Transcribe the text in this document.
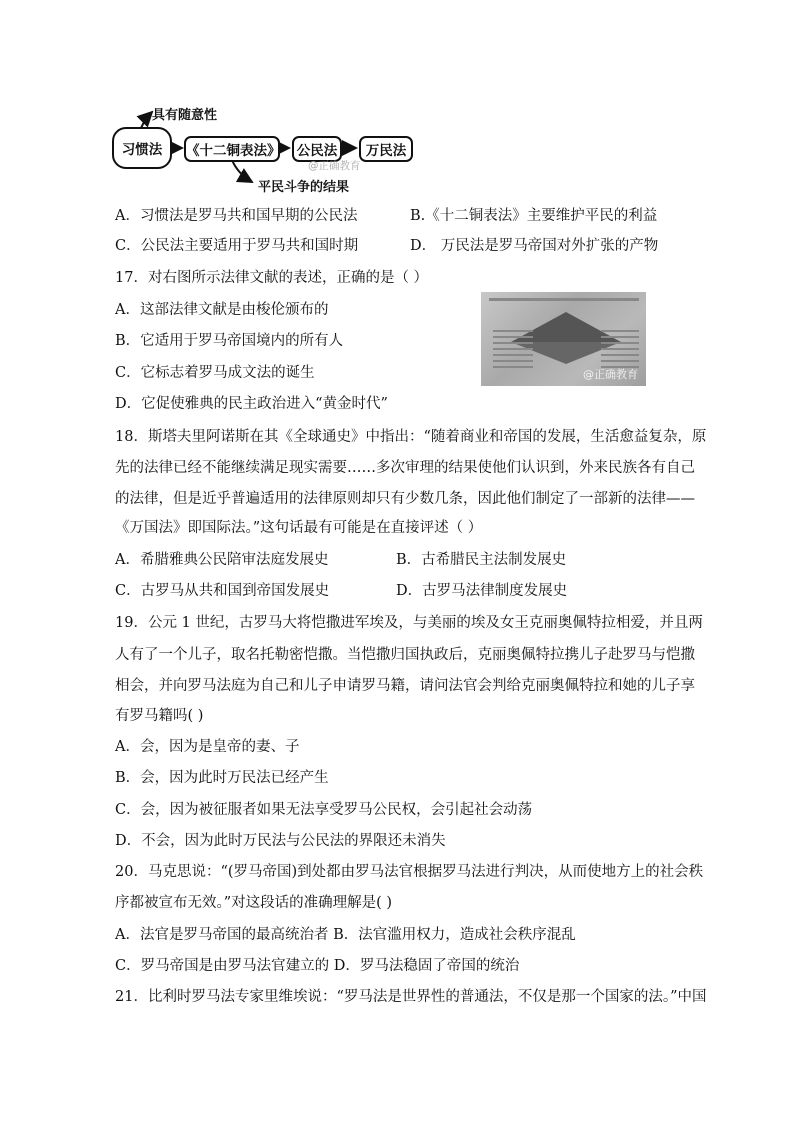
具有随意性
习惯法	《十二铜表法》	公民法	万民法
@正确教育
平民斗争的结果
A．习惯法是罗马共和国早期的公民法	B.《十二铜表法》主要维护平民的利益
C．公民法主要适用于罗马共和国时期	D． 万民法是罗马帝国对外扩张的产物
17．对右图所示法律文献的表述，正确的是（ ）
A．这部法律文献是由梭伦颁布的
B．它适用于罗马帝国境内的所有人
C．它标志着罗马成文法的诞生
D．它促使雅典的民主政治进入“黄金时代”
@正确教育
18．斯塔夫里阿诺斯在其《全球通史》中指出：“随着商业和帝国的发展，生活愈益复杂，原
先的法律已经不能继续满足现实需要……多次审理的结果使他们认识到，外来民族各有自己
的法律，但是近乎普遍适用的法律原则却只有少数几条，因此他们制定了一部新的法律——
《万国法》即国际法。”这句话最有可能是在直接评述（ ）
A．希腊雅典公民陪审法庭发展史	B．古希腊民主法制发展史
C．古罗马从共和国到帝国发展史	D．古罗马法律制度发展史
19．公元 1 世纪，古罗马大将恺撒进军埃及，与美丽的埃及女王克丽奥佩特拉相爱，并且两
人有了一个儿子，取名托勒密恺撒。当恺撒归国执政后，克丽奥佩特拉携儿子赴罗马与恺撒
相会，并向罗马法庭为自己和儿子申请罗马籍，请问法官会判给克丽奥佩特拉和她的儿子享
有罗马籍吗( )
A．会，因为是皇帝的妻、子
B．会，因为此时万民法已经产生
C．会，因为被征服者如果无法享受罗马公民权，会引起社会动荡
D．不会，因为此时万民法与公民法的界限还未消失
20．马克思说：“(罗马帝国)到处都由罗马法官根据罗马法进行判决，从而使地方上的社会秩
序都被宣布无效。”对这段话的准确理解是( )
A．法官是罗马帝国的最高统治者 B．法官滥用权力，造成社会秩序混乱
C．罗马帝国是由罗马法官建立的 D．罗马法稳固了帝国的统治
21．比利时罗马法专家里维埃说：“罗马法是世界性的普通法，不仅是那一个国家的法。”中国
